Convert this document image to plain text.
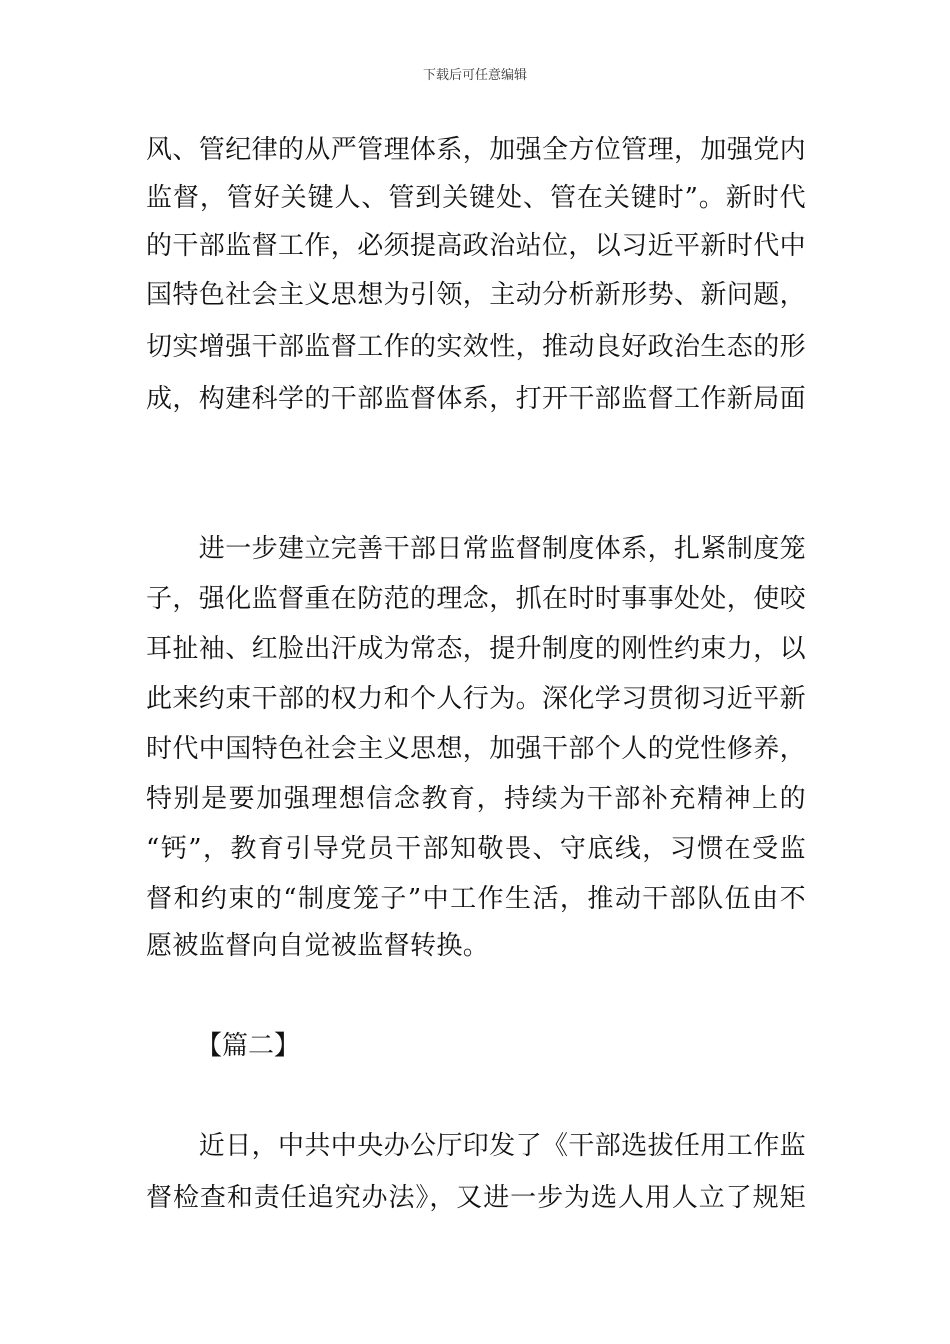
下载后可任意编辑
风、管纪律的从严管理体系，加强全方位管理，加强党内
监督，管好关键人、管到关键处、管在关键时”。新时代
的干部监督工作，必须提高政治站位，以习近平新时代中
国特色社会主义思想为引领，主动分析新形势、新问题，
切实增强干部监督工作的实效性，推动良好政治生态的形
成，构建科学的干部监督体系，打开干部监督工作新局面
　　进一步建立完善干部日常监督制度体系，扎紧制度笼
子，强化监督重在防范的理念，抓在时时事事处处，使咬
耳扯袖、红脸出汗成为常态，提升制度的刚性约束力，以
此来约束干部的权力和个人行为。深化学习贯彻习近平新
时代中国特色社会主义思想，加强干部个人的党性修养，
特别是要加强理想信念教育，持续为干部补充精神上的
“钙”，教育引导党员干部知敬畏、守底线，习惯在受监
督和约束的“制度笼子”中工作生活，推动干部队伍由不
愿被监督向自觉被监督转换。
【篇二】
　　近日，中共中央办公厅印发了《干部选拔任用工作监
督检查和责任追究办法》，又进一步为选人用人立了规矩
